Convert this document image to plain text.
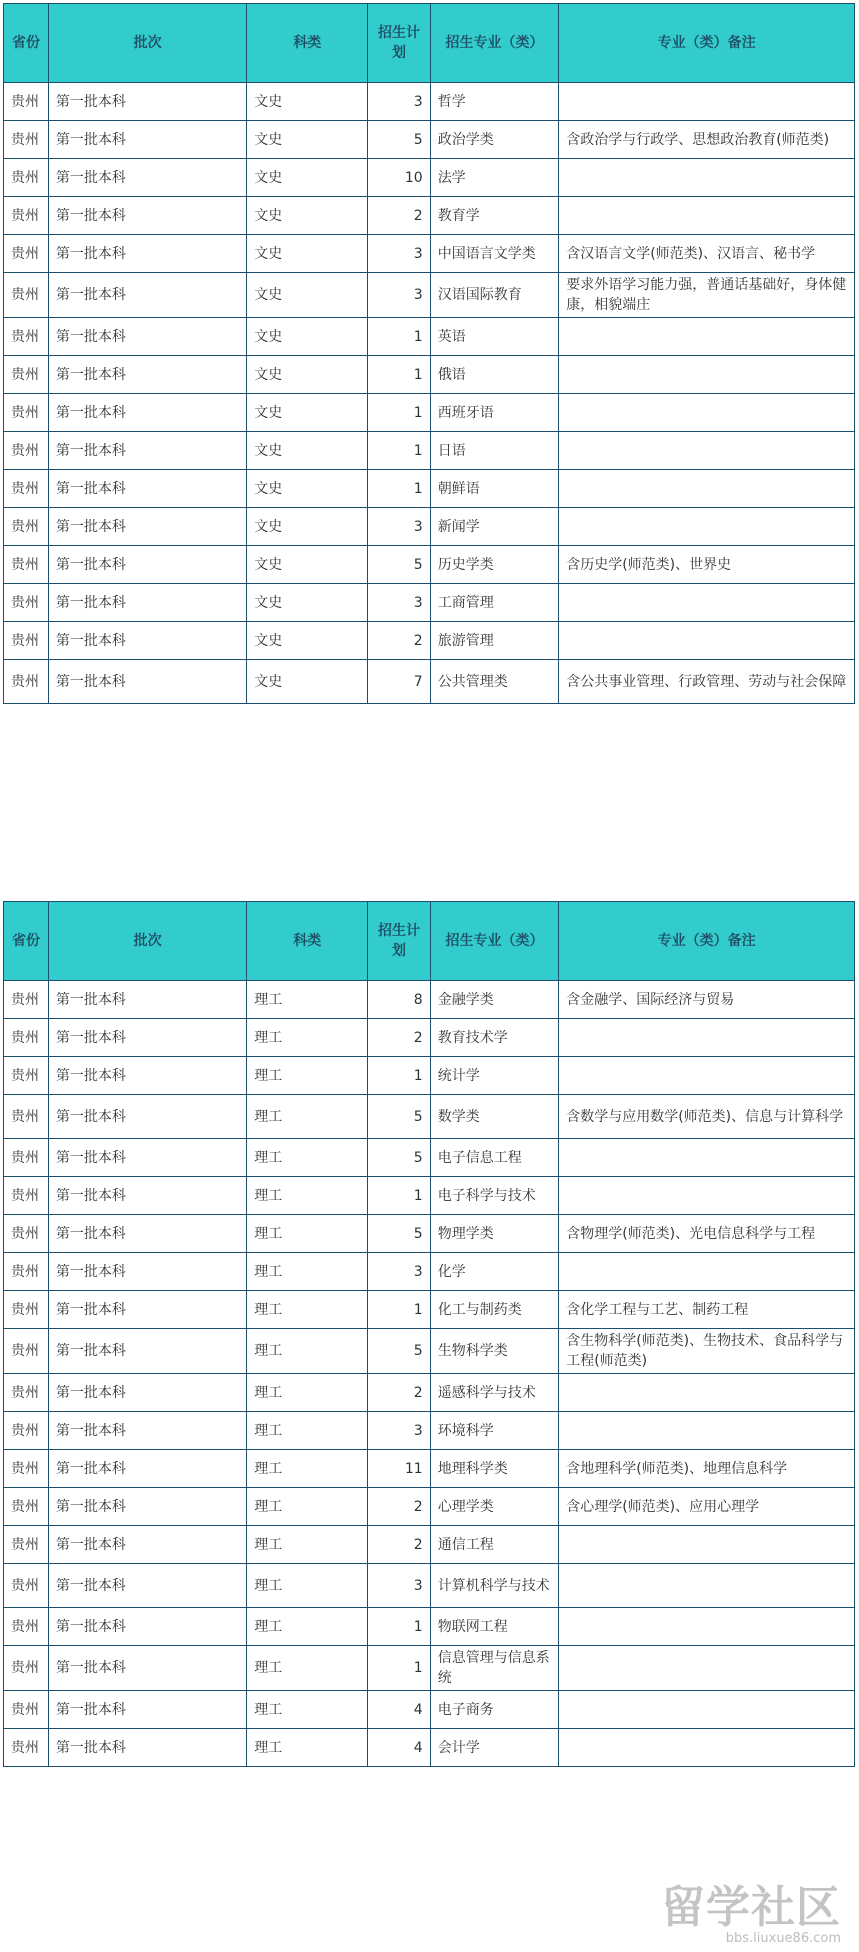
省份	批次	科类	招生计划	招生专业（类）	专业（类）备注
贵州	第一批本科	文史	3	哲学	
贵州	第一批本科	文史	5	政治学类	含政治学与行政学、思想政治教育(师范类)
贵州	第一批本科	文史	10	法学	
贵州	第一批本科	文史	2	教育学	
贵州	第一批本科	文史	3	中国语言文学类	含汉语言文学(师范类)、汉语言、秘书学
贵州	第一批本科	文史	3	汉语国际教育	要求外语学习能力强，普通话基础好，身体健康，相貌端庄
贵州	第一批本科	文史	1	英语	
贵州	第一批本科	文史	1	俄语	
贵州	第一批本科	文史	1	西班牙语	
贵州	第一批本科	文史	1	日语	
贵州	第一批本科	文史	1	朝鲜语	
贵州	第一批本科	文史	3	新闻学	
贵州	第一批本科	文史	5	历史学类	含历史学(师范类)、世界史
贵州	第一批本科	文史	3	工商管理	
贵州	第一批本科	文史	2	旅游管理	
贵州	第一批本科	文史	7	公共管理类	含公共事业管理、行政管理、劳动与社会保障
省份	批次	科类	招生计划	招生专业（类）	专业（类）备注
贵州	第一批本科	理工	8	金融学类	含金融学、国际经济与贸易
贵州	第一批本科	理工	2	教育技术学	
贵州	第一批本科	理工	1	统计学	
贵州	第一批本科	理工	5	数学类	含数学与应用数学(师范类)、信息与计算科学
贵州	第一批本科	理工	5	电子信息工程	
贵州	第一批本科	理工	1	电子科学与技术	
贵州	第一批本科	理工	5	物理学类	含物理学(师范类)、光电信息科学与工程
贵州	第一批本科	理工	3	化学	
贵州	第一批本科	理工	1	化工与制药类	含化学工程与工艺、制药工程
贵州	第一批本科	理工	5	生物科学类	含生物科学(师范类)、生物技术、食品科学与工程(师范类)
贵州	第一批本科	理工	2	遥感科学与技术	
贵州	第一批本科	理工	3	环境科学	
贵州	第一批本科	理工	11	地理科学类	含地理科学(师范类)、地理信息科学
贵州	第一批本科	理工	2	心理学类	含心理学(师范类)、应用心理学
贵州	第一批本科	理工	2	通信工程	
贵州	第一批本科	理工	3	计算机科学与技术	
贵州	第一批本科	理工	1	物联网工程	
贵州	第一批本科	理工	1	信息管理与信息系统	
贵州	第一批本科	理工	4	电子商务	
贵州	第一批本科	理工	4	会计学	
留学社区
bbs.liuxue86.com
